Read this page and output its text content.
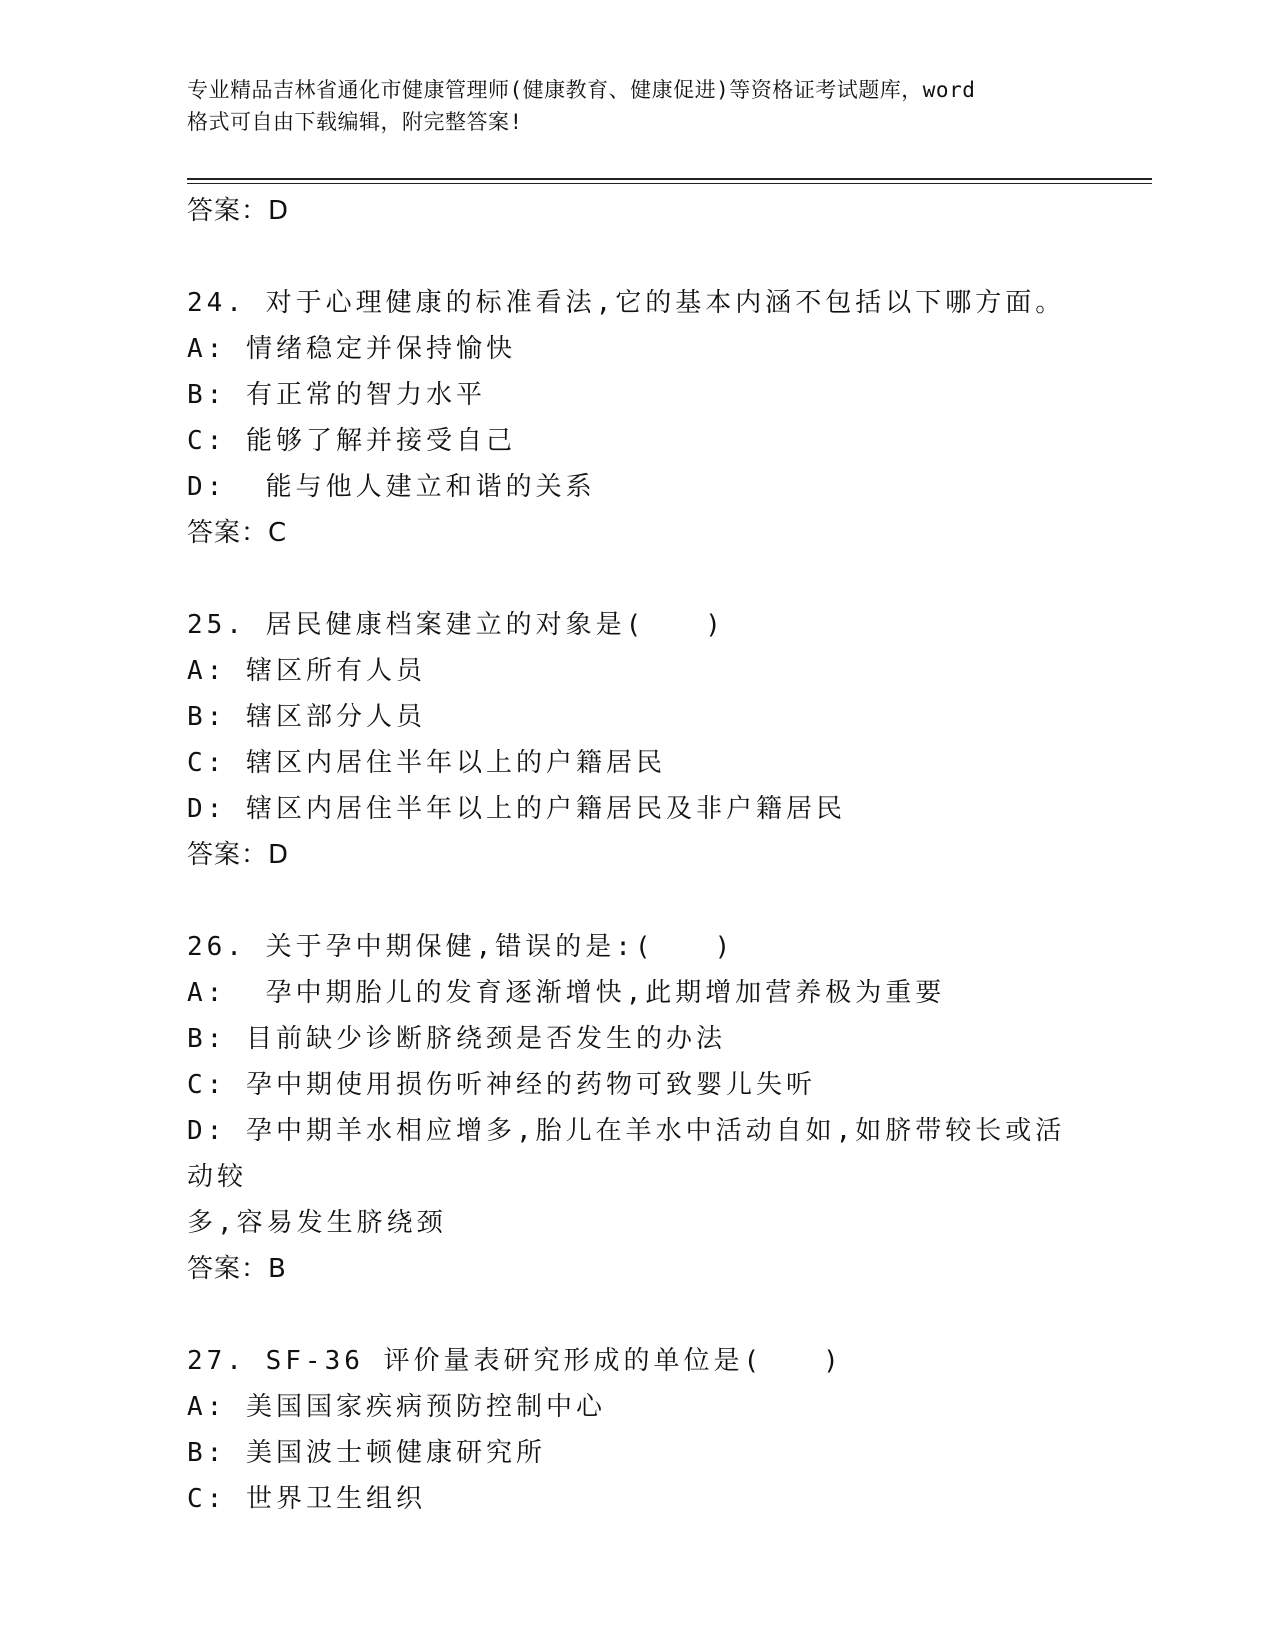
专业精品吉林省通化市健康管理师(健康教育、健康促进)等资格证考试题库，word
格式可自由下载编辑，附完整答案!
答案：D
24. 对于心理健康的标准看法,它的基本内涵不包括以下哪方面。
A: 情绪稳定并保持愉快
B: 有正常的智力水平
C: 能够了解并接受自己
D:  能与他人建立和谐的关系
答案：C
25. 居民健康档案建立的对象是(　　)
A: 辖区所有人员
B: 辖区部分人员
C: 辖区内居住半年以上的户籍居民
D: 辖区内居住半年以上的户籍居民及非户籍居民
答案：D
26. 关于孕中期保健,错误的是:(　　)
A:  孕中期胎儿的发育逐渐增快,此期增加营养极为重要
B: 目前缺少诊断脐绕颈是否发生的办法
C: 孕中期使用损伤听神经的药物可致婴儿失听
D: 孕中期羊水相应增多,胎儿在羊水中活动自如,如脐带较长或活动较
多,容易发生脐绕颈
答案：B
27. SF-36 评价量表研究形成的单位是(　　)
A: 美国国家疾病预防控制中心
B: 美国波士顿健康研究所
C: 世界卫生组织
